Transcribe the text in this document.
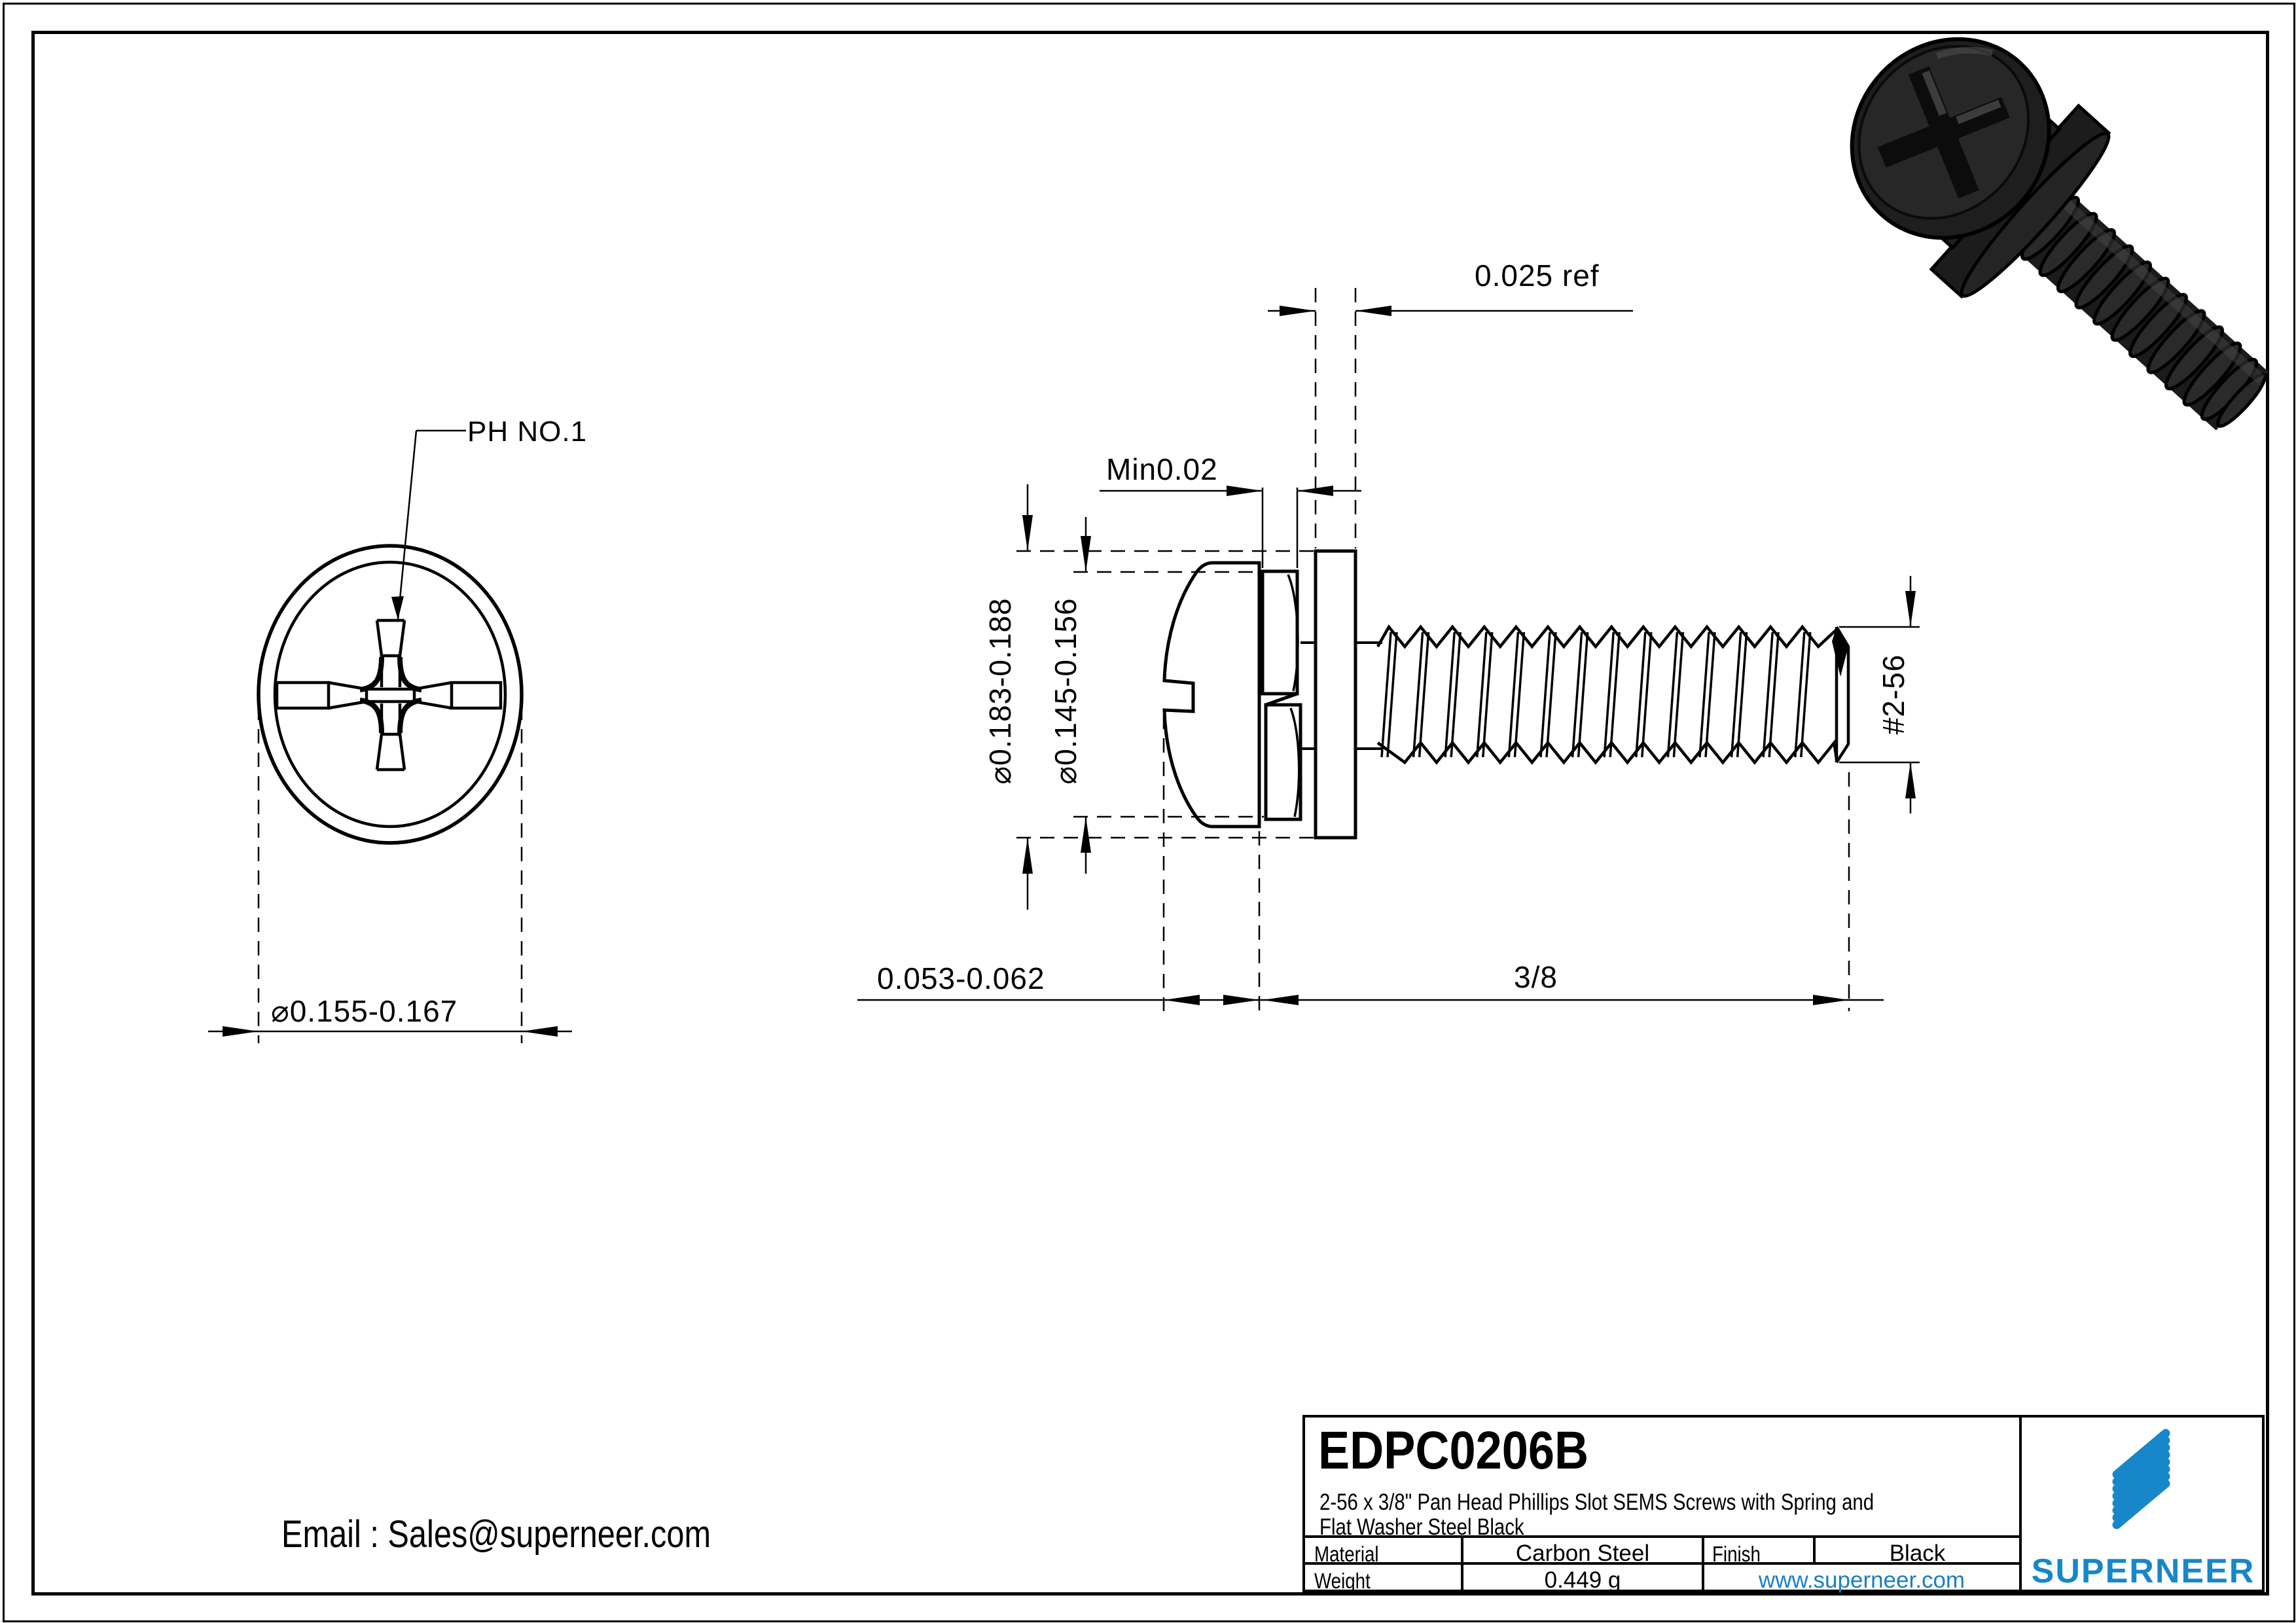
PH NO.1
⌀0.155-0.167
⌀0.183-0.188 ⌀0.145-0.156
Min0.02
0.025 ref
0.053-0.062	3/8
#2-56
Email : Sales@superneer.com
EDPC0206B
2-56 x 3/8" Pan Head Phillips Slot SEMS Screws with Spring and
Flat Washer Steel Black
Material	Carbon Steel	Finish	Black
Weight	0.449 g	www.superneer.com	SUPERNEER
